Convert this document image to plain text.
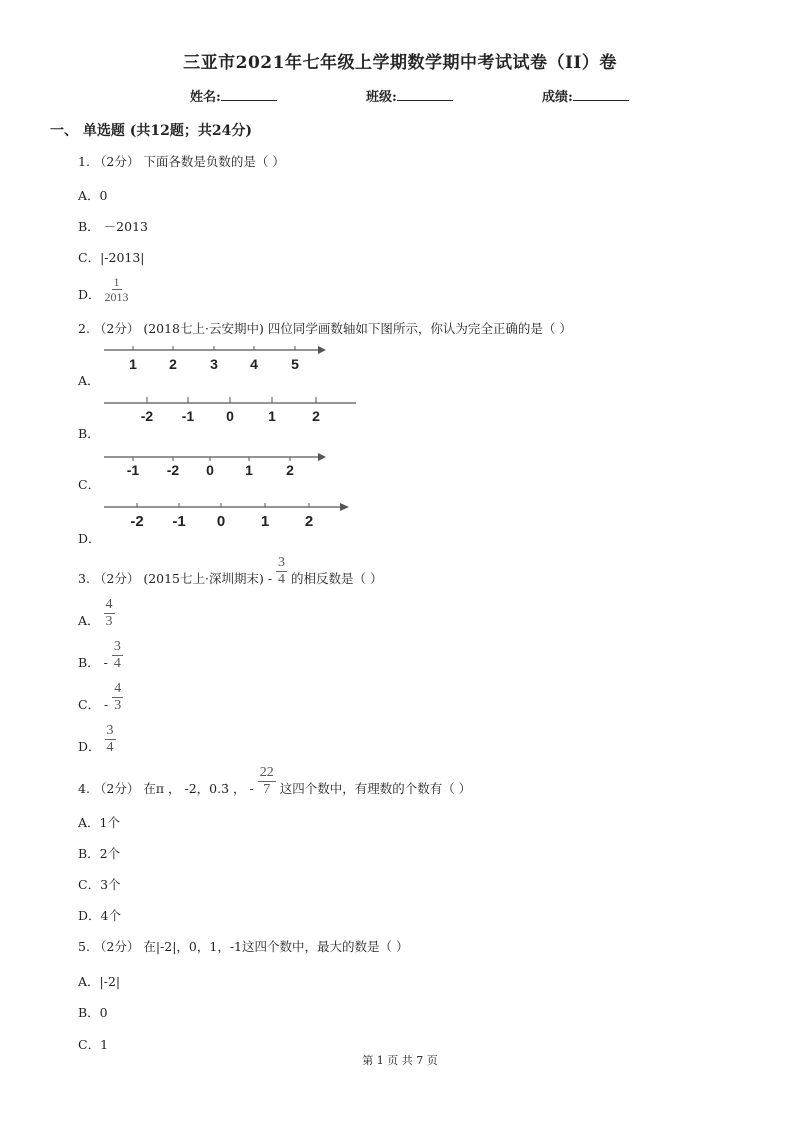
三亚市2021年七年级上学期数学期中考试试卷（II）卷
姓名:	班级:	成绩:
一、 单选题 (共12题；共24分)
1. （2分） 下面各数是负数的是（ ）
A．0
B． －2013
C．|-2013|
D． $\frac{1}{2013}$
2. （2分） (2018七上·云安期中) 四位同学画数轴如下图所示，你认为完全正确的是（ ）
A．
1 2 3 4 5
B．
-2 -1 0 1	2
C．
-1 -2 0 1 2
D．
-2 -1 0 1 2
3. （2分） (2015七上·深圳期末) - $\frac{3}{4}$ 的相反数是（ ）
A． $\frac{4}{3}$
B． - $\frac{3}{4}$
C． - $\frac{4}{3}$
D． $\frac{3}{4}$
4. （2分） 在π ， -2，0.3̇ ， - $\frac{22}{7}$ 这四个数中，有理数的个数有（ ）
A．1个
B．2个
C．3个
D．4个
5. （2分） 在|-2|，0，1，-1这四个数中，最大的数是（ ）
A．|-2|
B．0
C．1
第 1 页 共 7 页
